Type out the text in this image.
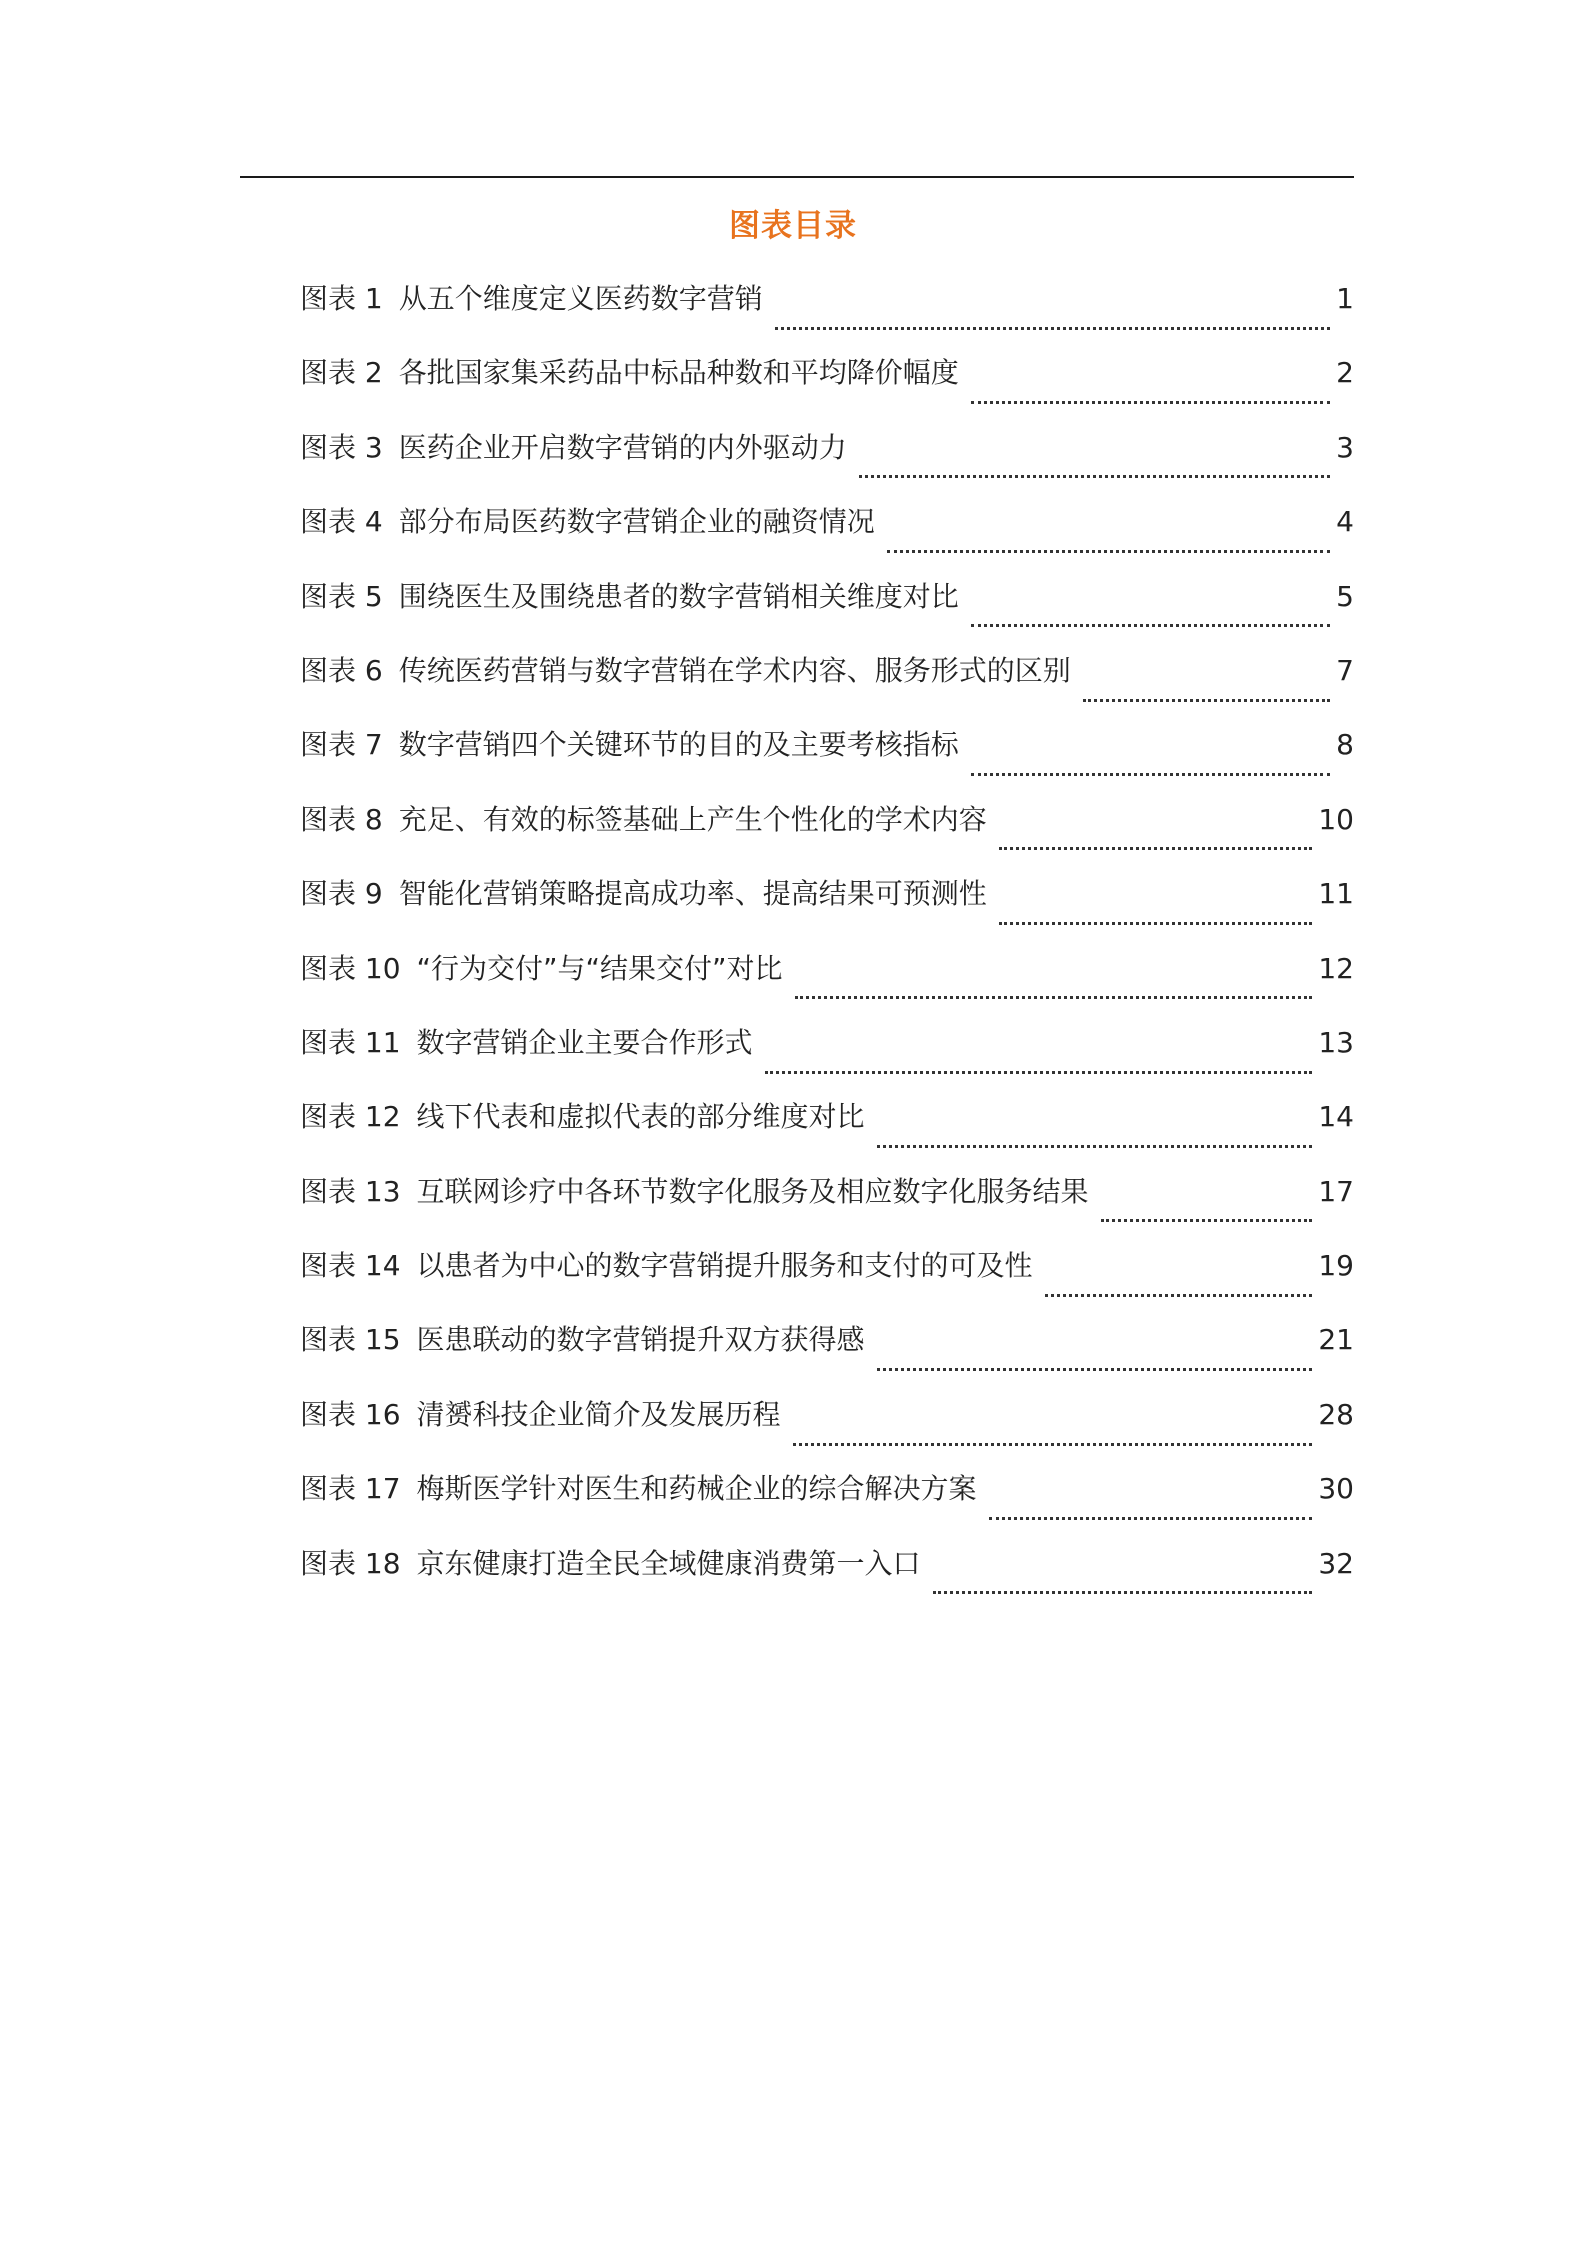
图表目录
图表 1 从五个维度定义医药数字营销	1
图表 2 各批国家集采药品中标品种数和平均降价幅度	2
图表 3 医药企业开启数字营销的内外驱动力	3
图表 4 部分布局医药数字营销企业的融资情况	4
图表 5 围绕医生及围绕患者的数字营销相关维度对比	5
图表 6 传统医药营销与数字营销在学术内容、服务形式的区别	7
图表 7 数字营销四个关键环节的目的及主要考核指标	8
图表 8 充足、有效的标签基础上产生个性化的学术内容	10
图表 9 智能化营销策略提高成功率、提高结果可预测性	11
图表 10 “行为交付”与“结果交付”对比	12
图表 11 数字营销企业主要合作形式	13
图表 12 线下代表和虚拟代表的部分维度对比	14
图表 13 互联网诊疗中各环节数字化服务及相应数字化服务结果	17
图表 14 以患者为中心的数字营销提升服务和支付的可及性	19
图表 15 医患联动的数字营销提升双方获得感	21
图表 16 清赟科技企业简介及发展历程	28
图表 17 梅斯医学针对医生和药械企业的综合解决方案	30
图表 18 京东健康打造全民全域健康消费第一入口	32
